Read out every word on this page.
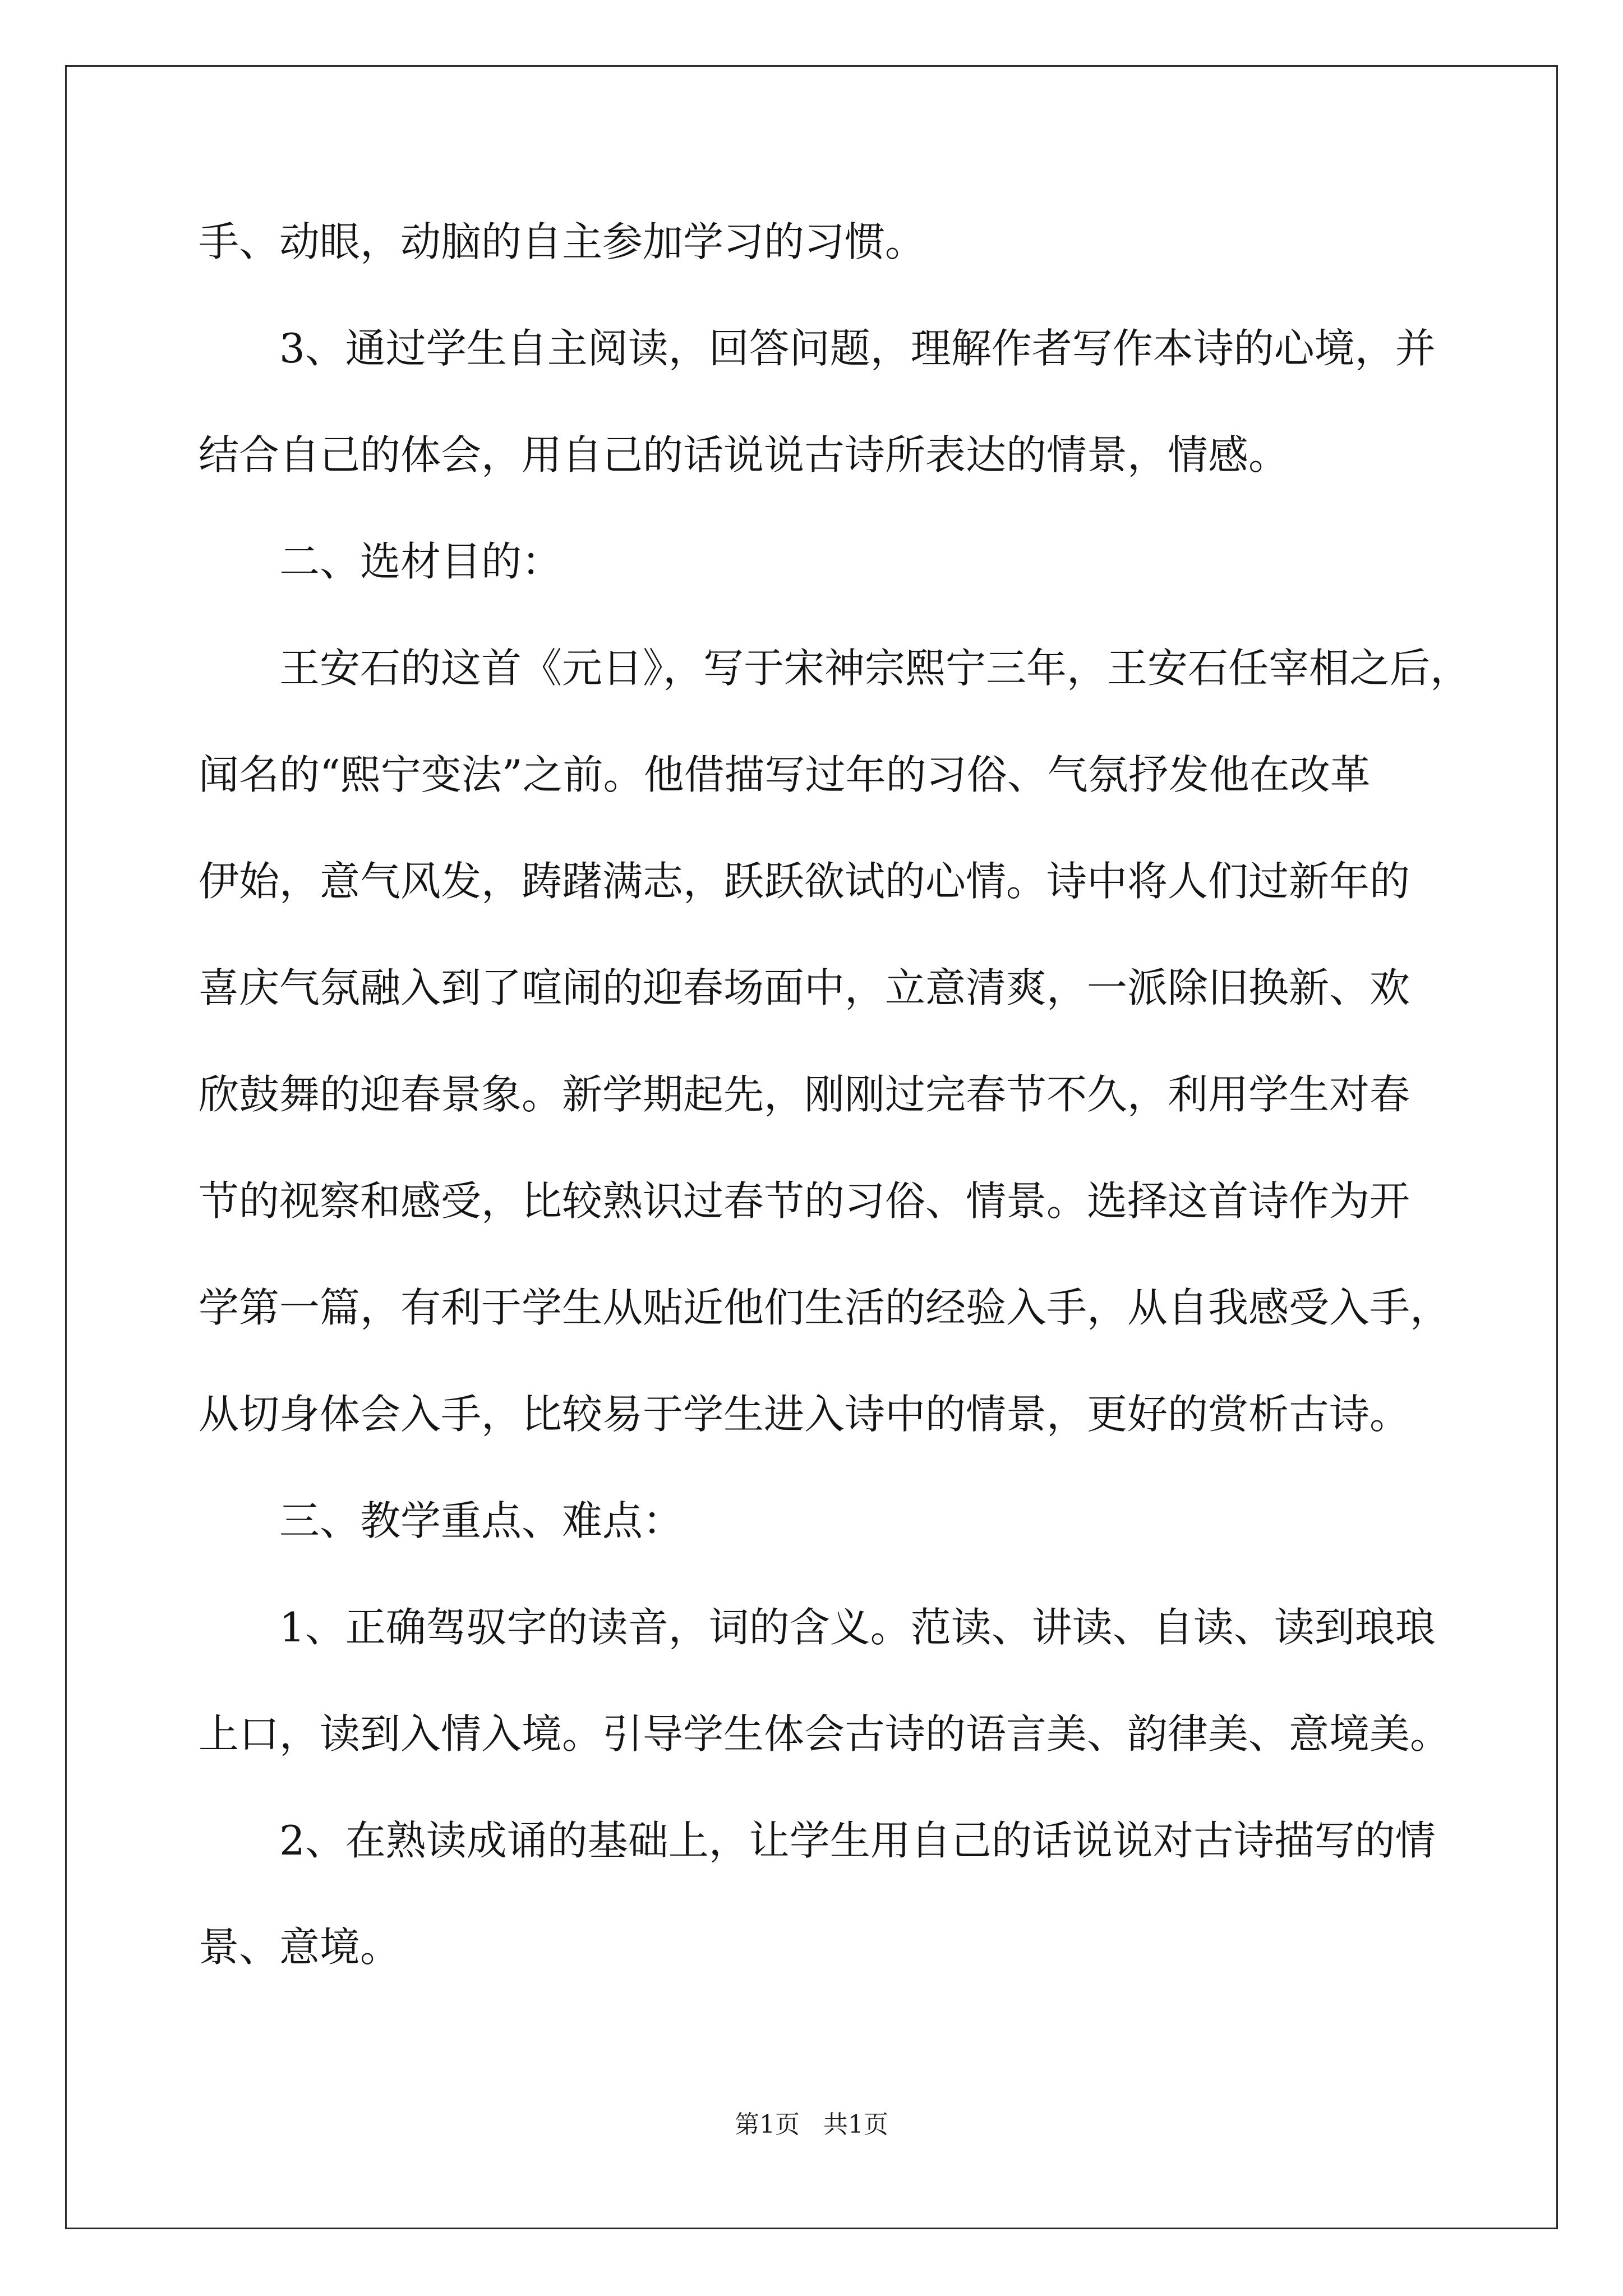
手、动眼，动脑的自主参加学习的习惯。
3、通过学生自主阅读，回答问题，理解作者写作本诗的心境，并
结合自己的体会，用自己的话说说古诗所表达的情景，情感。
二、选材目的：
王安石的这首《元日》，写于宋神宗熙宁三年，王安石任宰相之后，
闻名的“熙宁变法”之前。他借描写过年的习俗、气氛抒发他在改革
伊始，意气风发，踌躇满志，跃跃欲试的心情。诗中将人们过新年的
喜庆气氛融入到了喧闹的迎春场面中，立意清爽，一派除旧换新、欢
欣鼓舞的迎春景象。新学期起先，刚刚过完春节不久，利用学生对春
节的视察和感受，比较熟识过春节的习俗、情景。选择这首诗作为开
学第一篇，有利于学生从贴近他们生活的经验入手，从自我感受入手，
从切身体会入手，比较易于学生进入诗中的情景，更好的赏析古诗。
三、教学重点、难点：
1、正确驾驭字的读音，词的含义。范读、讲读、自读、读到琅琅
上口，读到入情入境。引导学生体会古诗的语言美、韵律美、意境美。
2、在熟读成诵的基础上，让学生用自己的话说说对古诗描写的情
景、意境。
第1页 共1页
